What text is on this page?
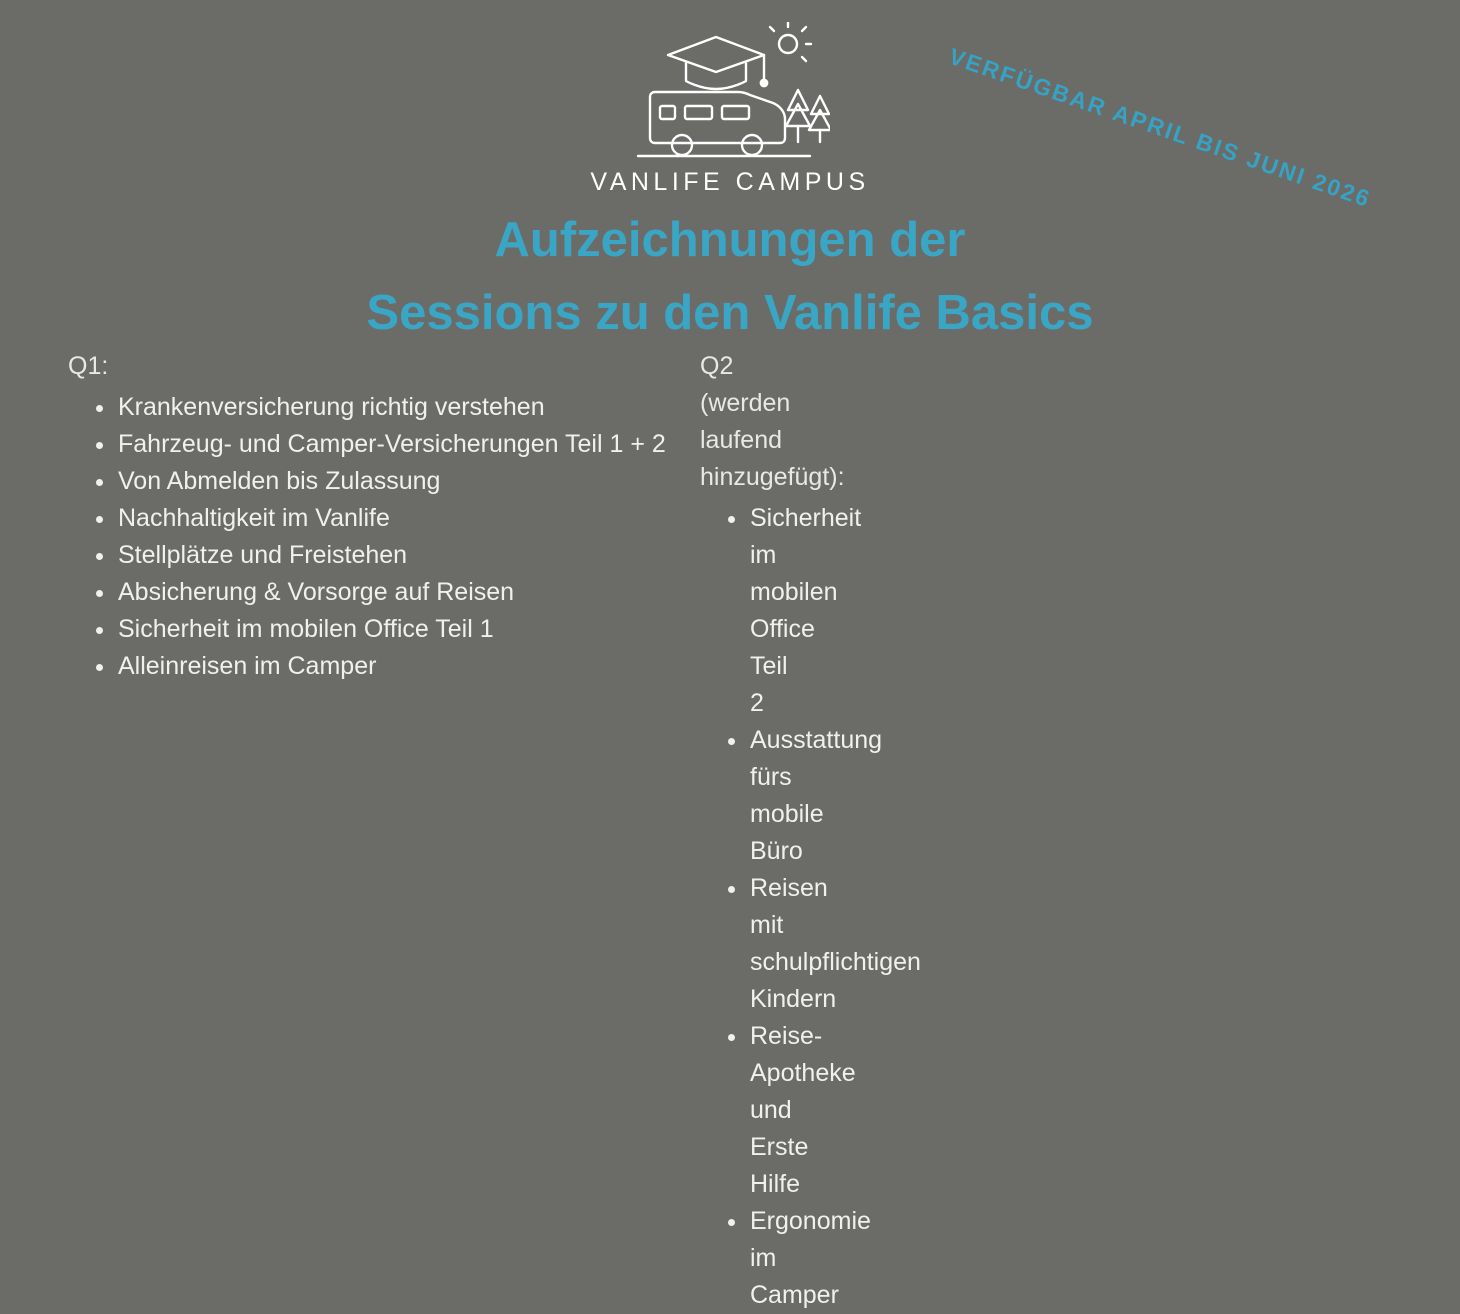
VANLIFE CAMPUS	VERFÜGBAR APRIL BIS JUNI 2026
Aufzeichnungen der
Sessions zu den Vanlife Basics
Q1:
Krankenversicherung richtig verstehen
Fahrzeug- und Camper-Versicherungen Teil 1 + 2
Von Abmelden bis Zulassung
Nachhaltigkeit im Vanlife
Stellplätze und Freistehen
Absicherung & Vorsorge auf Reisen
Sicherheit im mobilen Office Teil 1
Alleinreisen im Camper
Q2
(werden laufend hinzugefügt):
Sicherheit im mobilen Office Teil 2
Ausstattung fürs mobile Büro
Reisen mit schulpflichtigen Kindern
Reise-Apotheke und Erste Hilfe
Ergonomie im Camper
